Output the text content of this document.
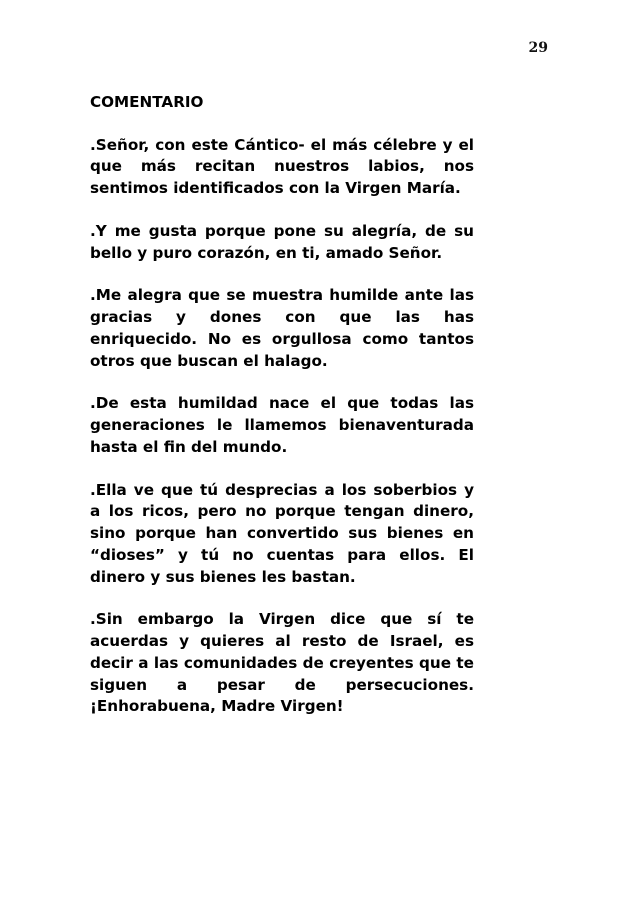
29
COMENTARIO

.Señor, con este Cántico- el más célebre y el que más recitan nuestros labios, nos sentimos identificados con la Virgen María.

.Y me gusta porque pone su alegría, de su bello y puro corazón, en ti, amado Señor.

.Me alegra que se muestra humilde ante las gracias y dones con que las has enriquecido. No es orgullosa como tantos otros que buscan el halago.

.De esta humildad nace el que todas las generaciones le llamemos bienaventurada hasta el fin del mundo.

.Ella ve que tú desprecias a los soberbios y a los ricos, pero no porque tengan dinero, sino porque han convertido sus bienes en “dioses” y tú no cuentas para ellos. El dinero y sus bienes les bastan.

.Sin embargo la Virgen dice que sí te acuerdas y quieres al resto de Israel, es decir a las comunidades de creyentes que te siguen a pesar de persecuciones. ¡Enhorabuena, Madre Virgen!
